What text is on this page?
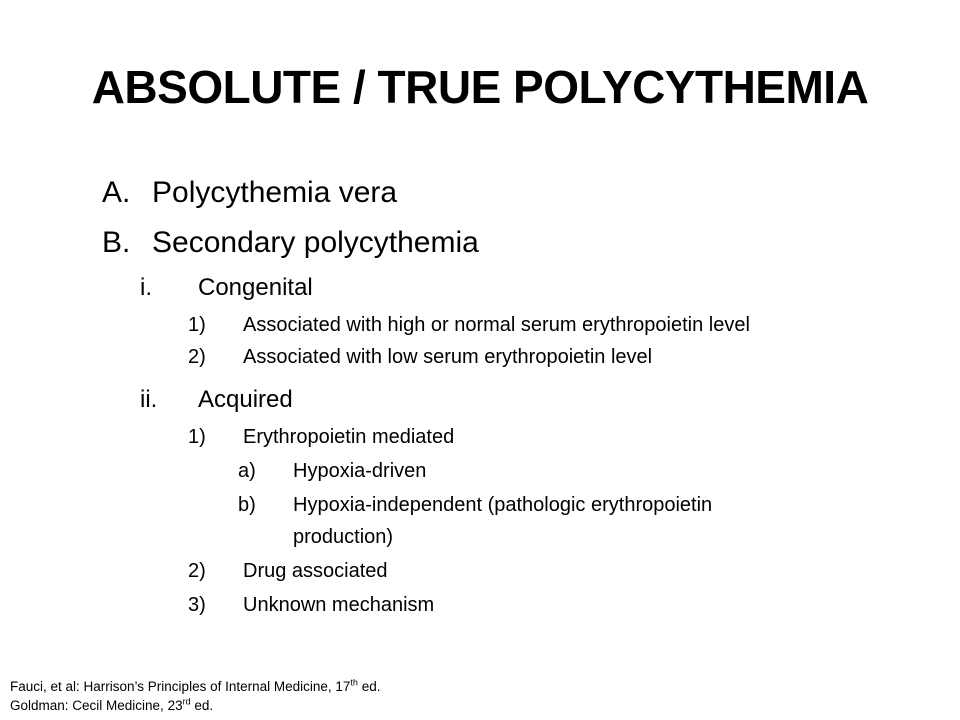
ABSOLUTE / TRUE POLYCYTHEMIA
A. Polycythemia vera
B. Secondary polycythemia
i.	Congenital
1)	Associated with high or normal serum erythropoietin level
2)	Associated with low serum erythropoietin level
ii.	Acquired
1)	Erythropoietin mediated
a)	Hypoxia-driven
b)	Hypoxia-independent (pathologic erythropoietin
production)
2)	Drug associated
3)	Unknown mechanism
Fauci, et al: Harrison’s Principles of Internal Medicine, 17th ed.
Goldman: Cecil Medicine, 23rd ed.
